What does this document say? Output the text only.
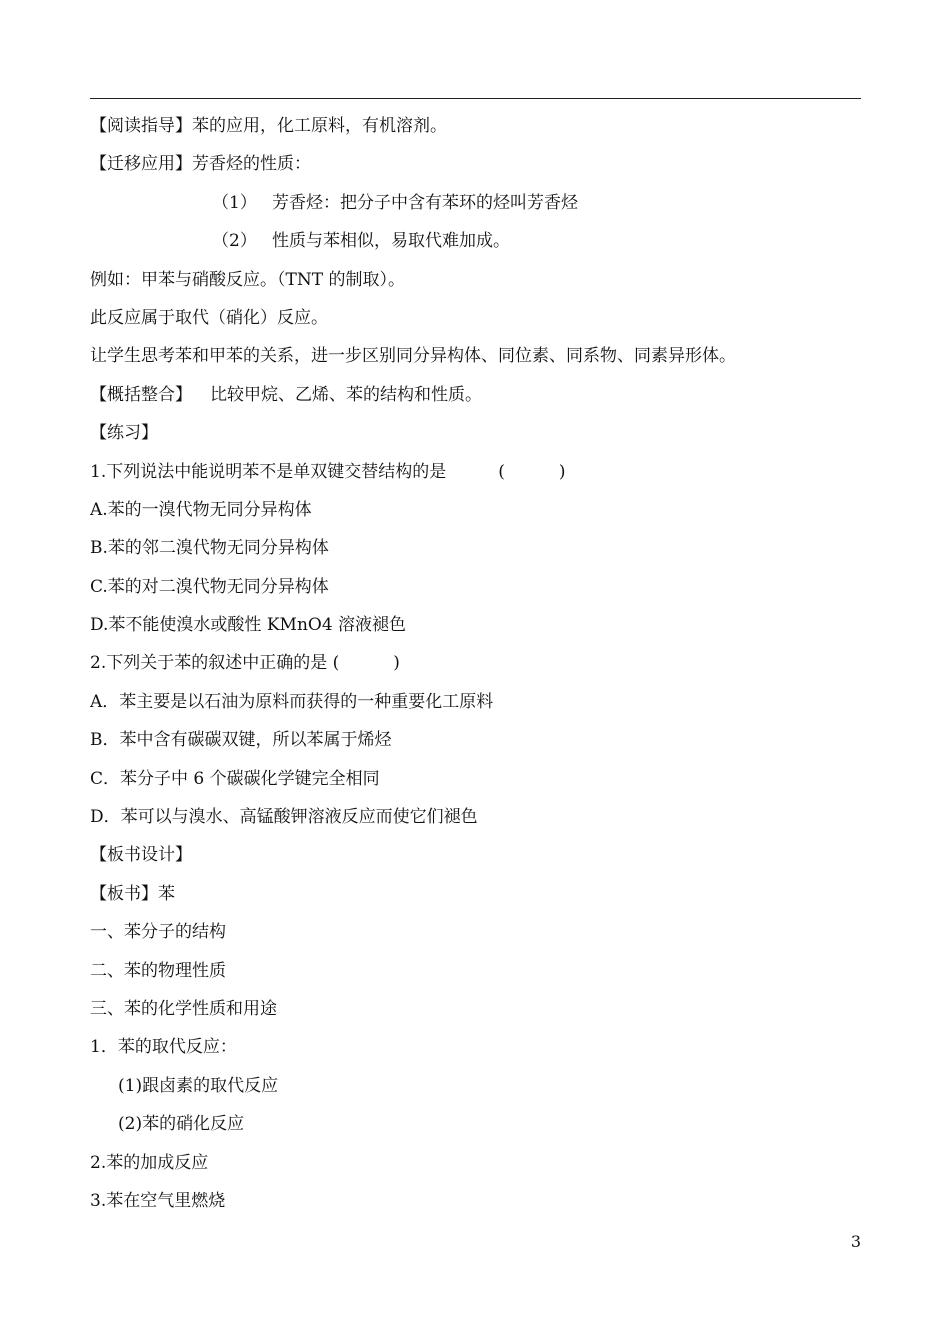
【阅读指导】苯的应用，化工原料，有机溶剂。
【迁移应用】芳香烃的性质：
（1） 芳香烃：把分子中含有苯环的烃叫芳香烃
（2） 性质与苯相似，易取代难加成。
例如：甲苯与硝酸反应。（TNT 的制取）。
此反应属于取代（硝化）反应。
让学生思考苯和甲苯的关系，进一步区别同分异构体、同位素、同系物、同素异形体。
【概括整合】 比较甲烷、乙烯、苯的结构和性质。
【练习】
1.下列说法中能说明苯不是单双键交替结构的是	(          )
A.苯的一溴代物无同分异构体
B.苯的邻二溴代物无同分异构体
C.苯的对二溴代物无同分异构体
D.苯不能使溴水或酸性 KMnO4 溶液褪色
2.下列关于苯的叙述中正确的是 (          )
A．苯主要是以石油为原料而获得的一种重要化工原料
B．苯中含有碳碳双键，所以苯属于烯烃
C．苯分子中 6 个碳碳化学键完全相同
D．苯可以与溴水、高锰酸钾溶液反应而使它们褪色
【板书设计】
【板书】苯
一、苯分子的结构
二、苯的物理性质
三、苯的化学性质和用途
1．苯的取代反应：
(1)跟卤素的取代反应
(2)苯的硝化反应
2.苯的加成反应
3.苯在空气里燃烧
3
